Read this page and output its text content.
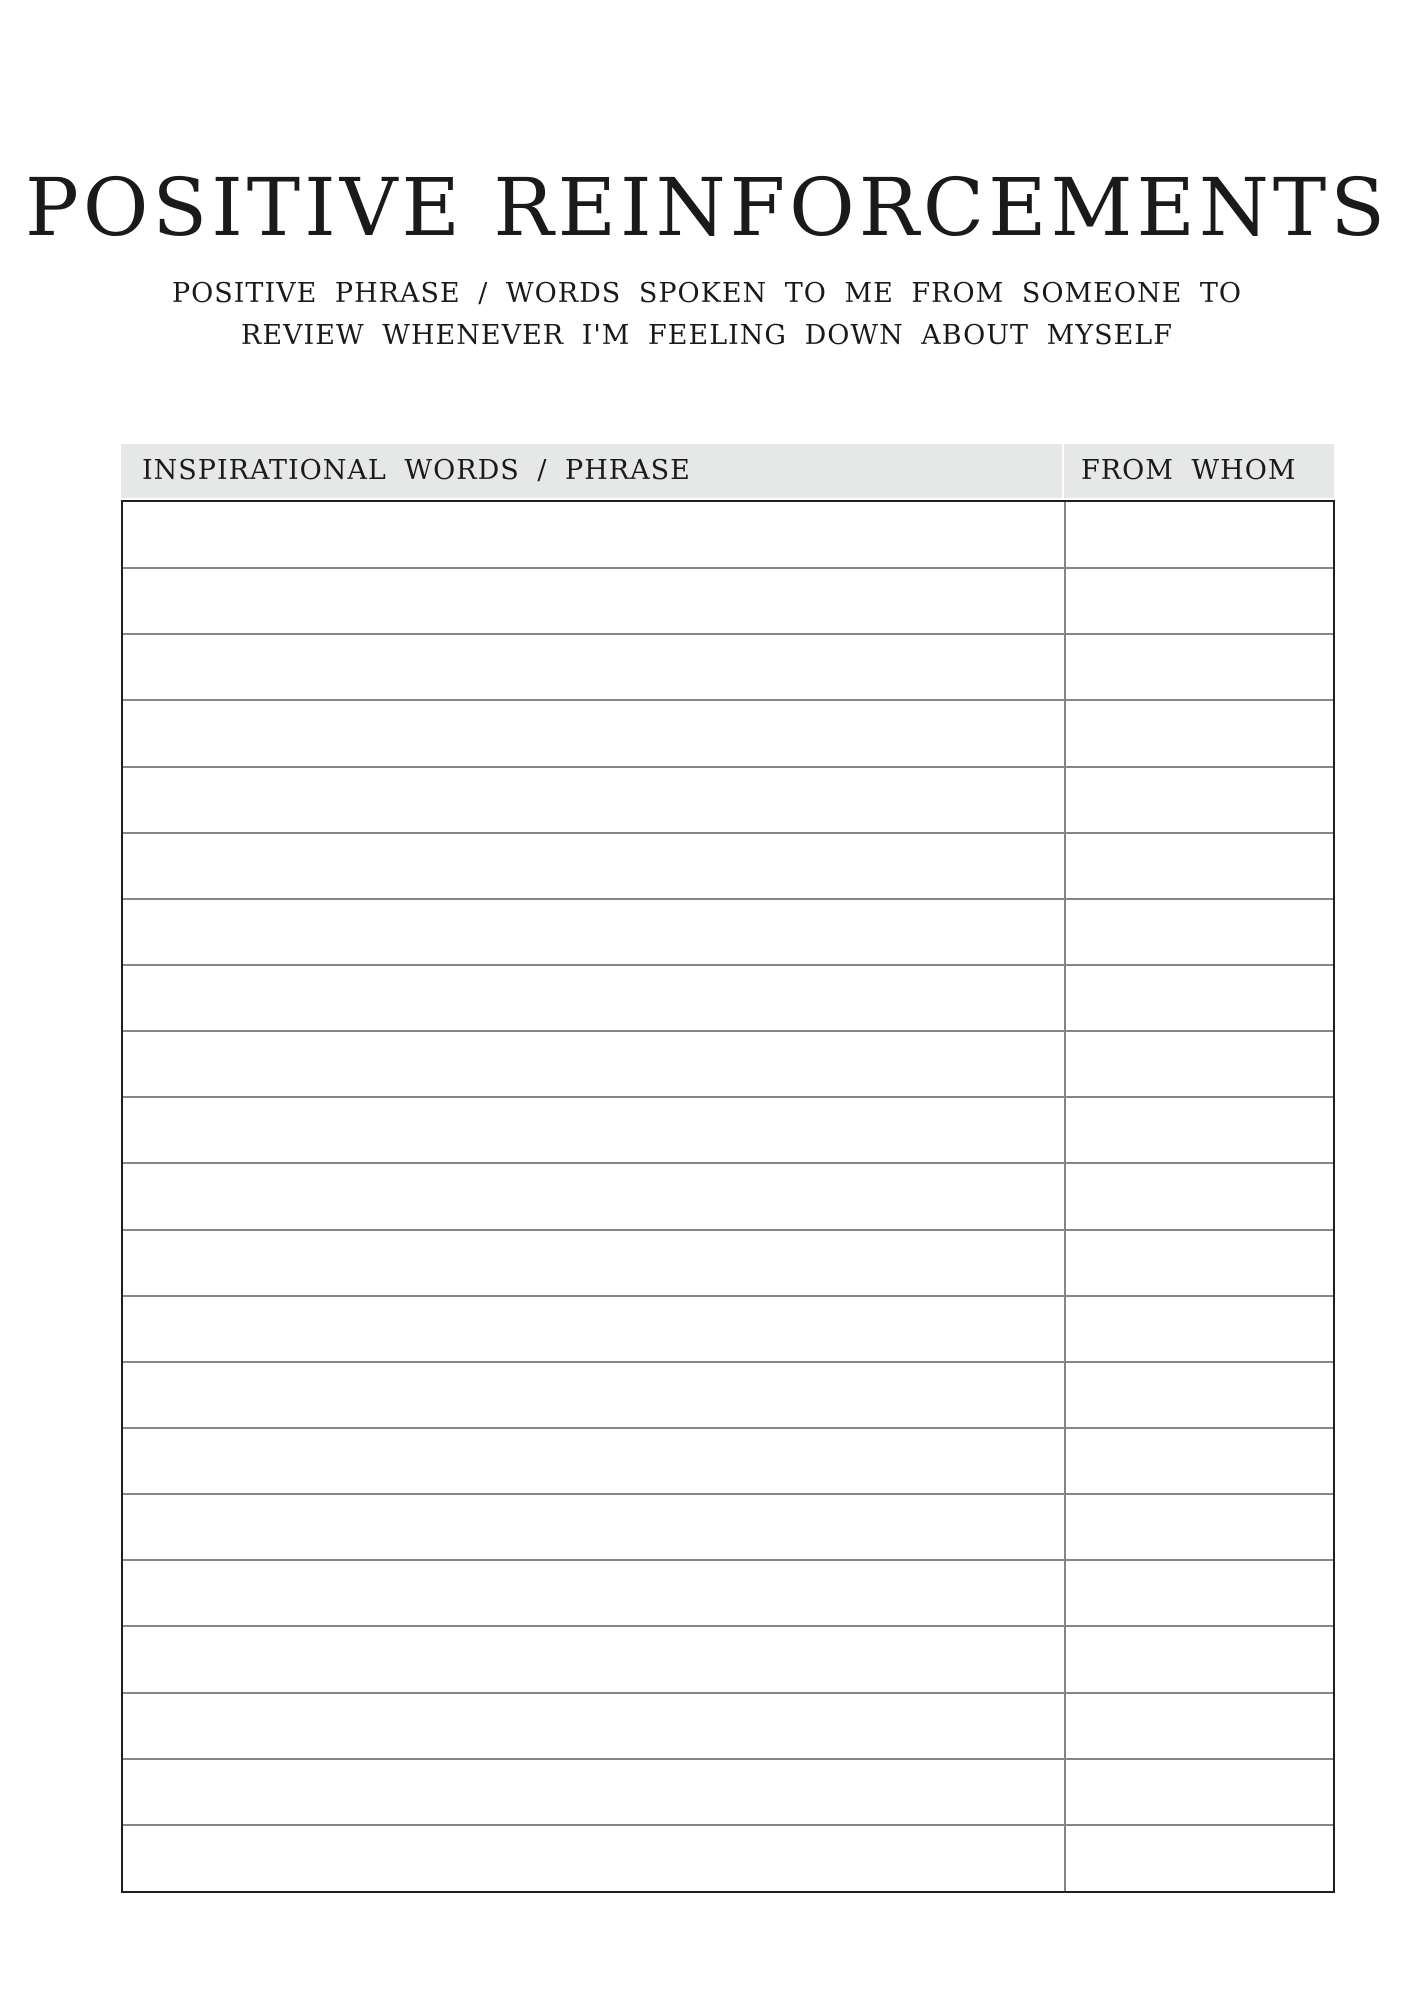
POSITIVE REINFORCEMENTS
POSITIVE PHRASE / WORDS SPOKEN TO ME FROM SOMEONE TO
REVIEW WHENEVER I'M FEELING DOWN ABOUT MYSELF
INSPIRATIONAL WORDS / PHRASE	FROM WHOM
